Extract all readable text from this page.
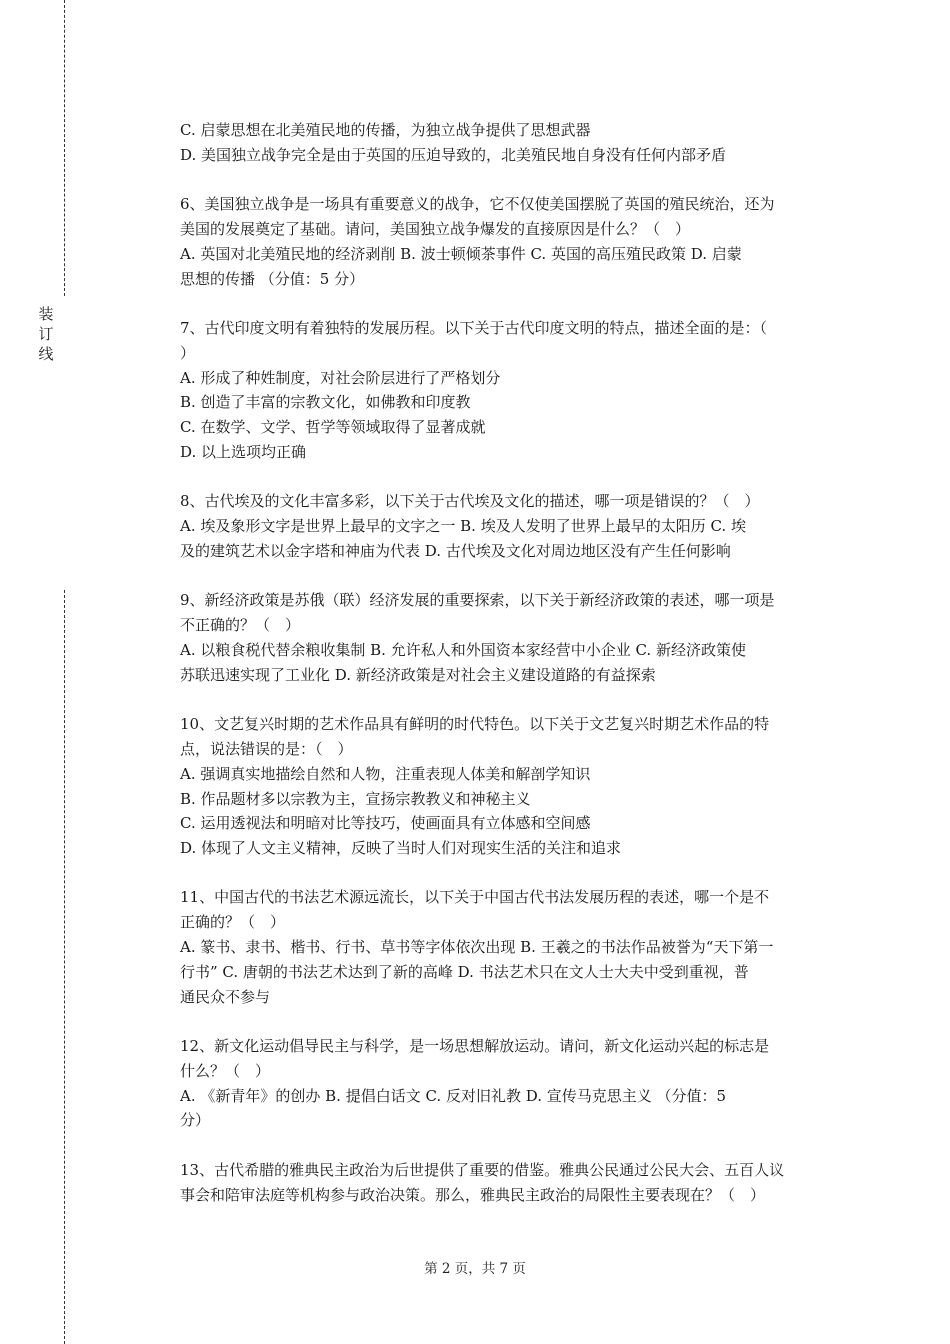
装
订
线
C. 启蒙思想在北美殖民地的传播，为独立战争提供了思想武器
D. 美国独立战争完全是由于英国的压迫导致的，北美殖民地自身没有任何内部矛盾
6、美国独立战争是一场具有重要意义的战争，它不仅使美国摆脱了英国的殖民统治，还为
美国的发展奠定了基础。请问，美国独立战争爆发的直接原因是什么？（　）
A. 英国对北美殖民地的经济剥削 B. 波士顿倾茶事件 C. 英国的高压殖民政策 D. 启蒙
思想的传播 （分值：5 分）
7、古代印度文明有着独特的发展历程。以下关于古代印度文明的特点，描述全面的是：（
）
A. 形成了种姓制度，对社会阶层进行了严格划分
B. 创造了丰富的宗教文化，如佛教和印度教
C. 在数学、文学、哲学等领域取得了显著成就
D. 以上选项均正确
8、古代埃及的文化丰富多彩，以下关于古代埃及文化的描述，哪一项是错误的？（　）
A. 埃及象形文字是世界上最早的文字之一 B. 埃及人发明了世界上最早的太阳历 C. 埃
及的建筑艺术以金字塔和神庙为代表 D. 古代埃及文化对周边地区没有产生任何影响
9、新经济政策是苏俄（联）经济发展的重要探索，以下关于新经济政策的表述，哪一项是
不正确的？（　）
A. 以粮食税代替余粮收集制 B. 允许私人和外国资本家经营中小企业 C. 新经济政策使
苏联迅速实现了工业化 D. 新经济政策是对社会主义建设道路的有益探索
10、文艺复兴时期的艺术作品具有鲜明的时代特色。以下关于文艺复兴时期艺术作品的特
点，说法错误的是：（　）
A. 强调真实地描绘自然和人物，注重表现人体美和解剖学知识
B. 作品题材多以宗教为主，宣扬宗教教义和神秘主义
C. 运用透视法和明暗对比等技巧，使画面具有立体感和空间感
D. 体现了人文主义精神，反映了当时人们对现实生活的关注和追求
11、中国古代的书法艺术源远流长，以下关于中国古代书法发展历程的表述，哪一个是不
正确的？（　）
A. 篆书、隶书、楷书、行书、草书等字体依次出现 B. 王羲之的书法作品被誉为“天下第一
行书” C. 唐朝的书法艺术达到了新的高峰 D. 书法艺术只在文人士大夫中受到重视，普
通民众不参与
12、新文化运动倡导民主与科学，是一场思想解放运动。请问，新文化运动兴起的标志是
什么？（　）
A. 《新青年》的创办 B. 提倡白话文 C. 反对旧礼教 D. 宣传马克思主义 （分值：5
分）
13、古代希腊的雅典民主政治为后世提供了重要的借鉴。雅典公民通过公民大会、五百人议
事会和陪审法庭等机构参与政治决策。那么，雅典民主政治的局限性主要表现在？（　）
第 2 页，共 7 页
